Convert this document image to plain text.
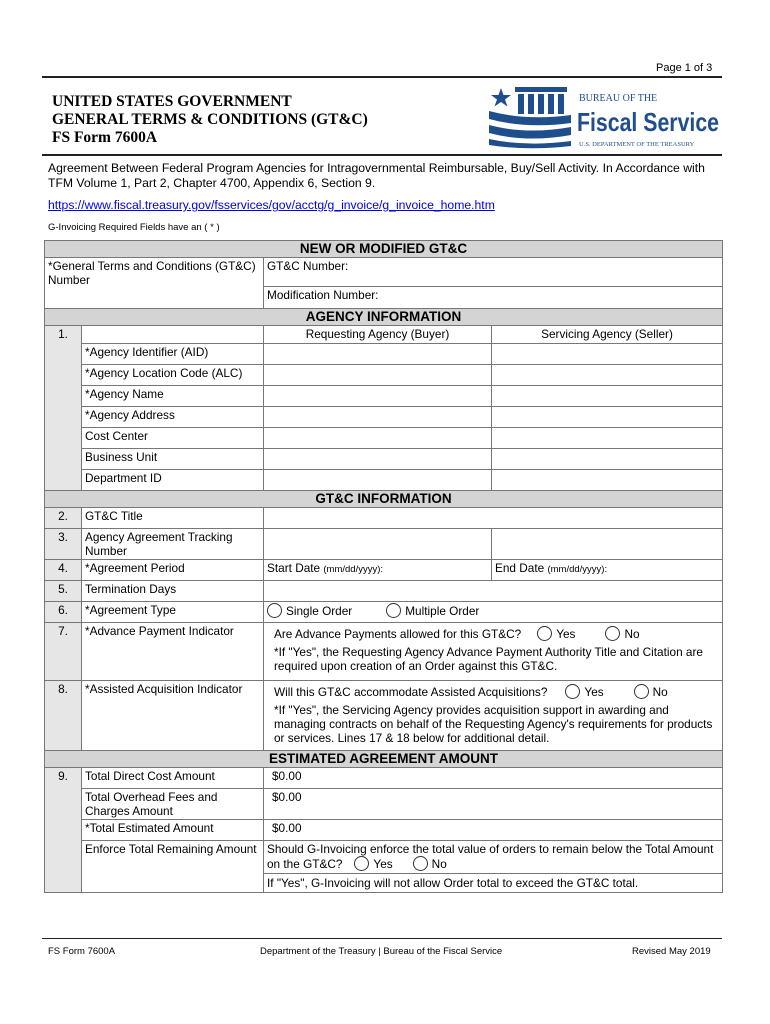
Page 1 of 3
UNITED STATES GOVERNMENT
GENERAL TERMS & CONDITIONS (GT&C)
FS Form 7600A
BUREAU OF THE
Fiscal Service
U.S. DEPARTMENT OF THE TREASURY
Agreement Between Federal Program Agencies for Intragovernmental Reimbursable, Buy/Sell Activity. In Accordance with TFM Volume 1, Part 2, Chapter 4700, Appendix 6, Section 9.
https://www.fiscal.treasury.gov/fsservices/gov/acctg/g_invoice/g_invoice_home.htm
G-Invoicing Required Fields have an ( * )
NEW OR MODIFIED GT&C			
*General Terms and Conditions (GT&C) Number		GT&C Number:	
		Modification Number:	
AGENCY INFORMATION			
1.		Requesting Agency (Buyer)	Servicing Agency (Seller)
	*Agency Identifier (AID)		
	*Agency Location Code (ALC)		
	*Agency Name		
	*Agency Address		
	Cost Center		
	Business Unit		
	Department ID		
GT&C INFORMATION			
2.	GT&C Title		
3.	Agency Agreement Tracking Number		
4.	*Agreement Period	Start Date (mm/dd/yyyy):	End Date (mm/dd/yyyy):
5.	Termination Days		
6.	*Agreement Type	Single Order Multiple Order	
7.	*Advance Payment Indicator	Are Advance Payments allowed for this GT&C? Yes No
*If "Yes", the Requesting Agency Advance Payment Authority Title and Citation are required upon creation of an Order against this GT&C.	

8.	*Assisted Acquisition Indicator	Will this GT&C accommodate Assisted Acquisitions? Yes No
*If "Yes", the Servicing Agency provides acquisition support in awarding and managing contracts on behalf of the Requesting Agency's requirements for products or services. Lines 17 & 18 below for additional detail.	

ESTIMATED AGREEMENT AMOUNT			
9.	Total Direct Cost Amount	$0.00	
	Total Overhead Fees and Charges Amount	$0.00	
	*Total Estimated Amount	$0.00	
	Enforce Total Remaining Amount	Should G-Invoicing enforce the total value of orders to remain below the Total Amount on the GT&C? Yes No
If "Yes", G-Invoicing will not allow Order total to exceed the GT&C total.	
FS Form 7600A	Department of the Treasury | Bureau of the Fiscal Service	Revised May 2019
